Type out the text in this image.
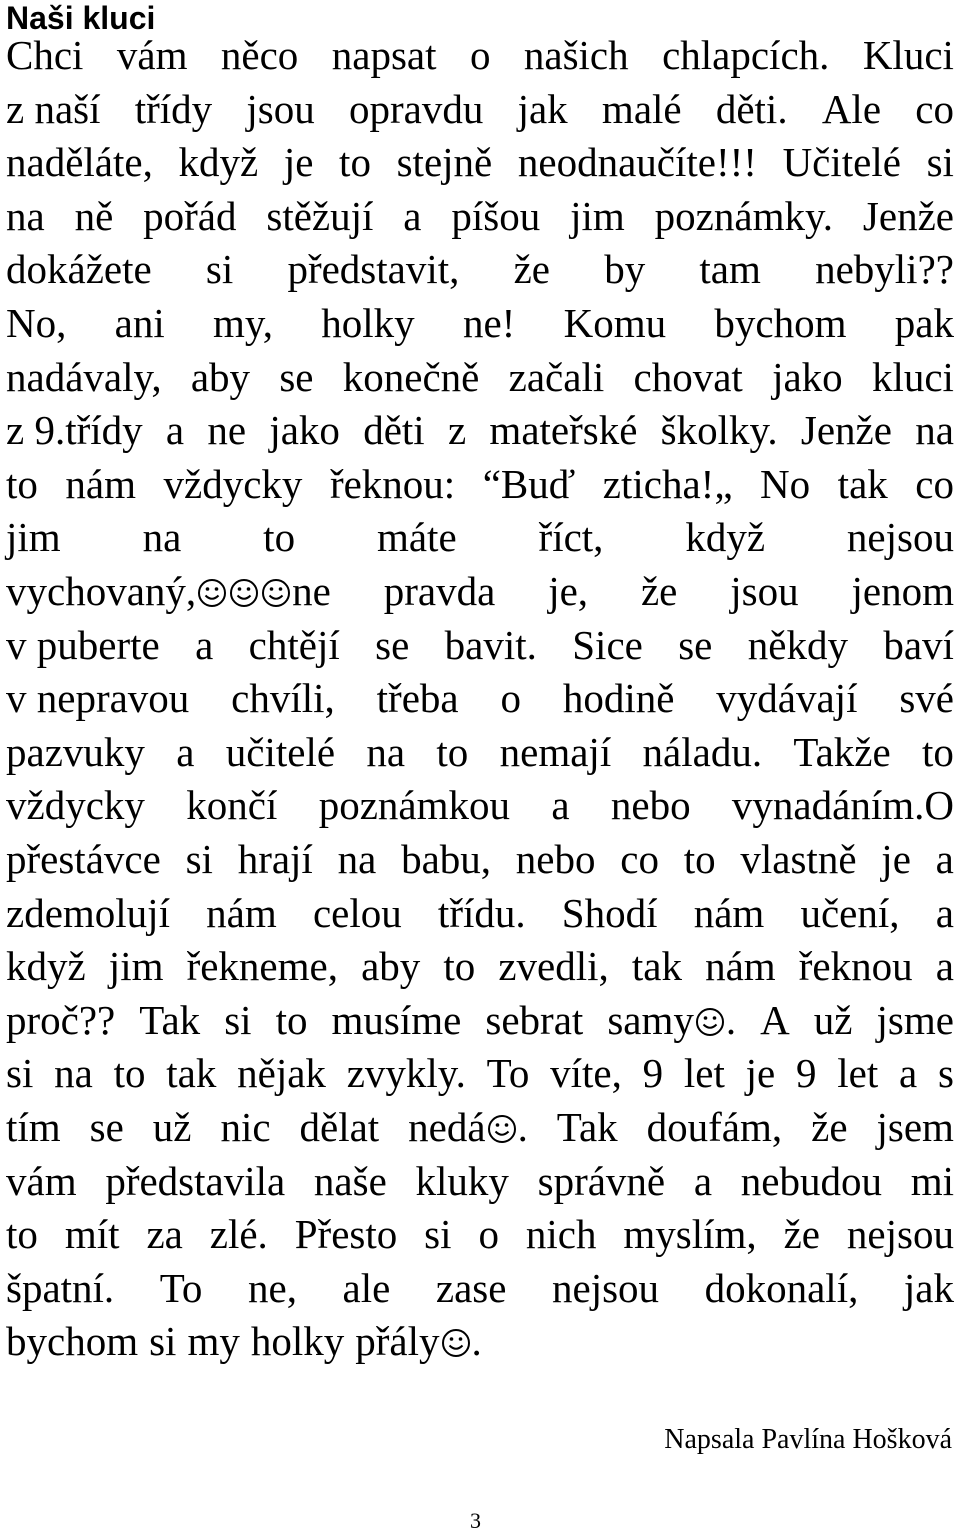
Naši kluci
Chci vám něco napsat o našich chlapcích. Kluci
z naší třídy jsou opravdu jak malé děti. Ale co
naděláte, když je to stejně neodnaučíte!!! Učitelé si
na ně pořád stěžují a píšou jim poznámky. Jenže
dokážete si představit, že by tam nebyli??
No, ani my, holky ne! Komu bychom pak
nadávaly, aby se konečně začali chovat jako kluci
z 9.třídy a ne jako děti z mateřské školky. Jenže na
to nám vždycky řeknou: “Buď zticha!„ No tak co
jim na to máte říct, když nejsou
vychovaný, ne pravda je, že jsou jenom
v puberte a chtějí se bavit. Sice se někdy baví
v nepravou chvíli, třeba o hodině vydávají své
pazvuky a učitelé na to nemají náladu. Takže to
vždycky končí poznámkou a nebo vynadáním.O
přestávce si hrají na babu, nebo co to vlastně je a
zdemolují nám celou třídu. Shodí nám učení, a
když jim řekneme, aby to zvedli, tak nám řeknou a
proč?? Tak si to musíme sebrat samy . A už jsme
si na to tak nějak zvykly. To víte, 9 let je 9 let a s
tím se už nic dělat nedá . Tak doufám, že jsem
vám představila naše kluky správně a nebudou mi
to mít za zlé. Přesto si o nich myslím, že nejsou
špatní. To ne, ale zase nejsou dokonalí, jak
bychom si my holky přály .
Napsala Pavlína Hošková
3
